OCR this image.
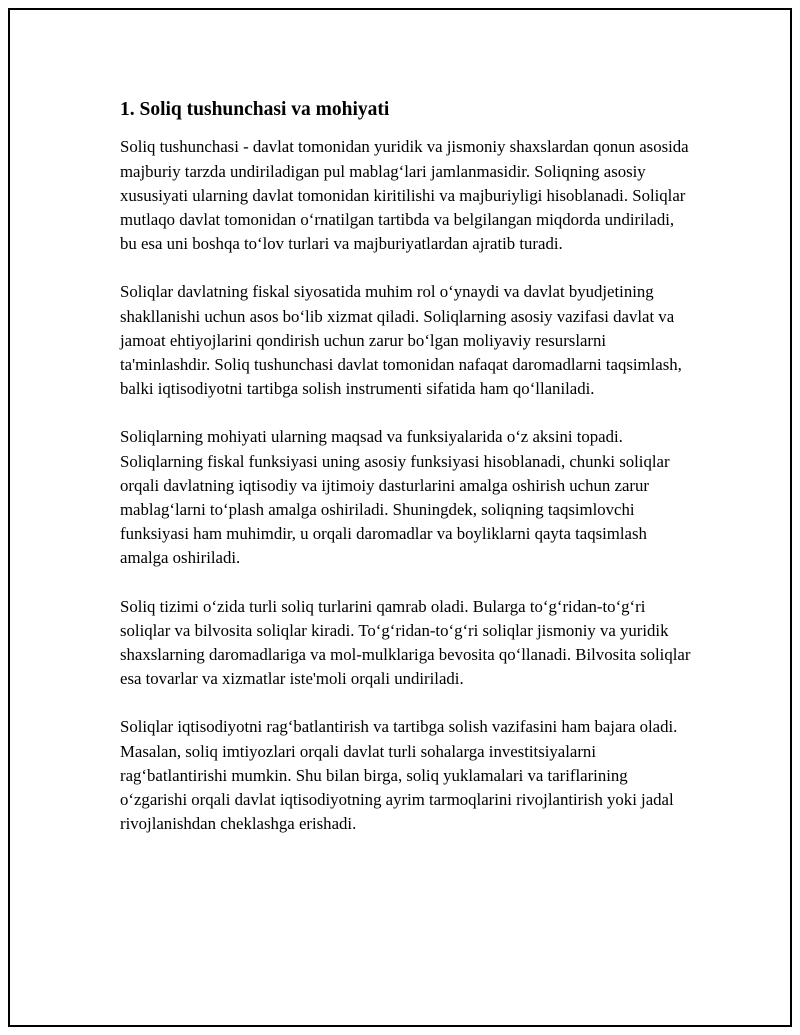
1. Soliq tushunchasi va mohiyati

Soliq tushunchasi - davlat tomonidan yuridik va jismoniy shaxslardan qonun asosida majburiy tarzda undiriladigan pul mablag‘lari jamlanmasidir. Soliqning asosiy xususiyati ularning davlat tomonidan kiritilishi va majburiyligi hisoblanadi. Soliqlar mutlaqo davlat tomonidan o‘rnatilgan tartibda va belgilangan miqdorda undiriladi, bu esa uni boshqa to‘lov turlari va majburiyatlardan ajratib turadi.

Soliqlar davlatning fiskal siyosatida muhim rol o‘ynaydi va davlat byudjetining shakllanishi uchun asos bo‘lib xizmat qiladi. Soliqlarning asosiy vazifasi davlat va jamoat ehtiyojlarini qondirish uchun zarur bo‘lgan moliyaviy resurslarni ta'minlashdir. Soliq tushunchasi davlat tomonidan nafaqat daromadlarni taqsimlash, balki iqtisodiyotni tartibga solish instrumenti sifatida ham qo‘llaniladi.

Soliqlarning mohiyati ularning maqsad va funksiyalarida o‘z aksini topadi. Soliqlarning fiskal funksiyasi uning asosiy funksiyasi hisoblanadi, chunki soliqlar orqali davlatning iqtisodiy va ijtimoiy dasturlarini amalga oshirish uchun zarur mablag‘larni to‘plash amalga oshiriladi. Shuningdek, soliqning taqsimlovchi funksiyasi ham muhimdir, u orqali daromadlar va boyliklarni qayta taqsimlash amalga oshiriladi.

Soliq tizimi o‘zida turli soliq turlarini qamrab oladi. Bularga to‘g‘ridan-to‘g‘ri soliqlar va bilvosita soliqlar kiradi. To‘g‘ridan-to‘g‘ri soliqlar jismoniy va yuridik shaxslarning daromadlariga va mol-mulklariga bevosita qo‘llanadi. Bilvosita soliqlar esa tovarlar va xizmatlar iste'moli orqali undiriladi.

Soliqlar iqtisodiyotni rag‘batlantirish va tartibga solish vazifasini ham bajara oladi. Masalan, soliq imtiyozlari orqali davlat turli sohalarga investitsiyalarni rag‘batlantirishi mumkin. Shu bilan birga, soliq yuklamalari va tariflarining o‘zgarishi orqali davlat iqtisodiyotning ayrim tarmoqlarini rivojlantirish yoki jadal rivojlanishdan cheklashga erishadi.
